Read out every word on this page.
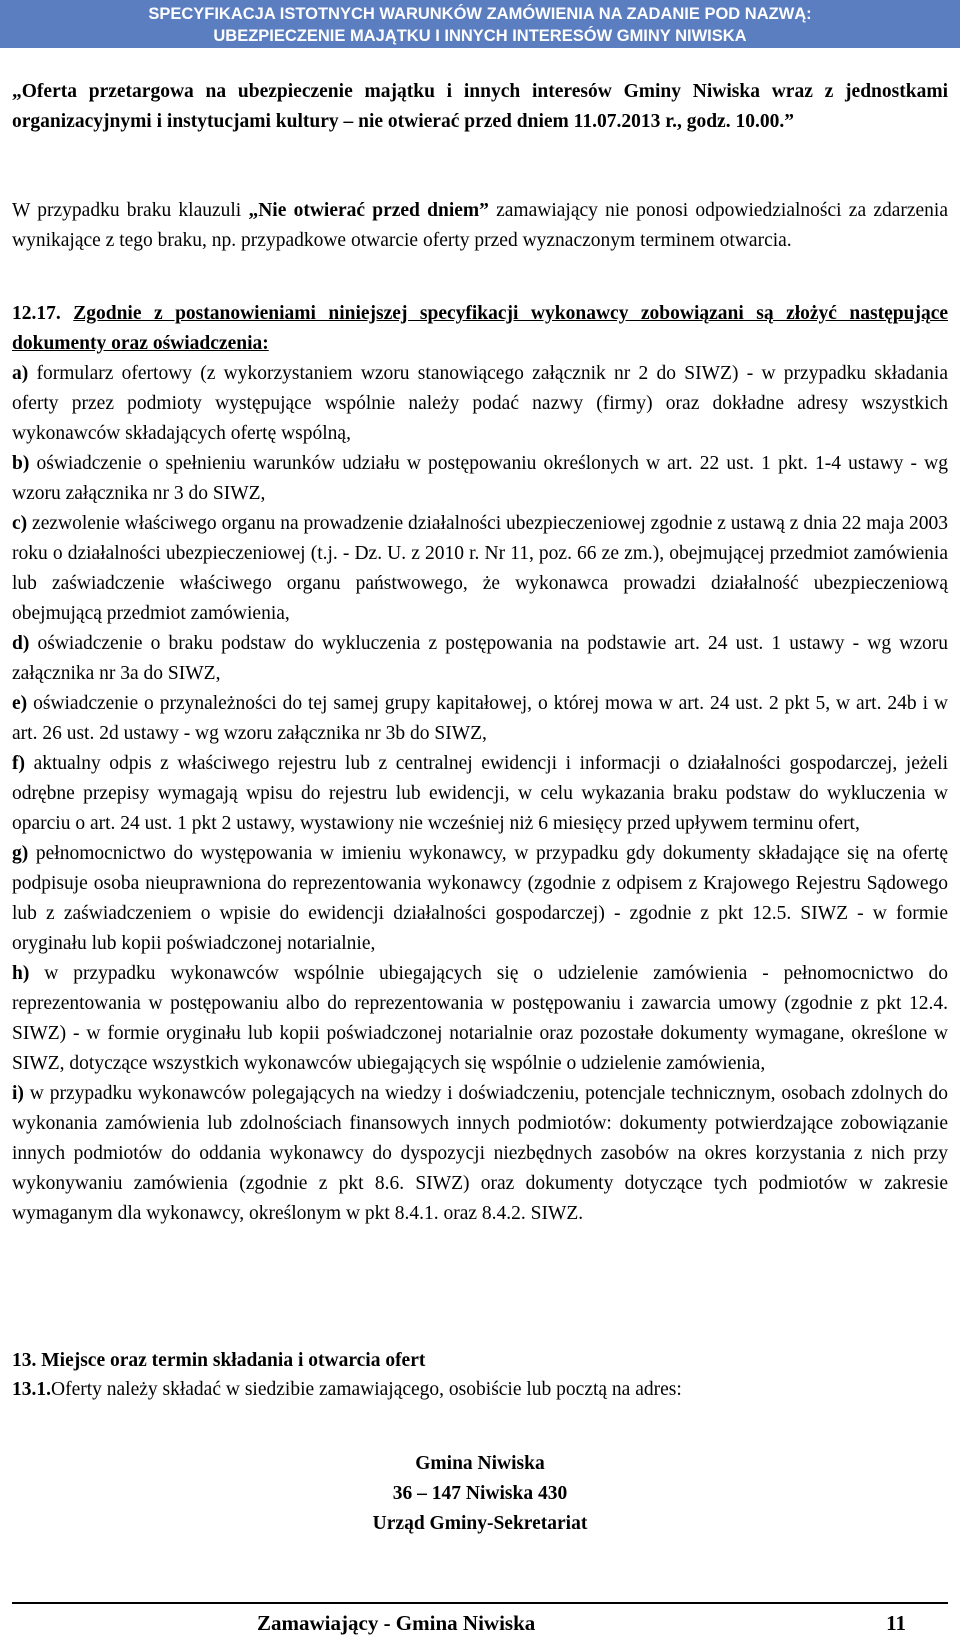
SPECYFIKACJA ISTOTNYCH WARUNKÓW ZAMÓWIENIA NA ZADANIE POD NAZWĄ:
UBEZPIECZENIE MAJĄTKU I INNYCH INTERESÓW GMINY NIWISKA
„Oferta przetargowa na ubezpieczenie majątku i innych interesów Gminy Niwiska wraz z jednostkami organizacyjnymi i instytucjami kultury – nie otwierać przed dniem 11.07.2013 r., godz. 10.00.”
W przypadku braku klauzuli „Nie otwierać przed dniem” zamawiający nie ponosi odpowiedzialności za zdarzenia wynikające z tego braku, np. przypadkowe otwarcie oferty przed wyznaczonym terminem otwarcia.
12.17. Zgodnie z postanowieniami niniejszej specyfikacji wykonawcy zobowiązani są złożyć następujące dokumenty oraz oświadczenia:
a) formularz ofertowy (z wykorzystaniem wzoru stanowiącego załącznik nr 2 do SIWZ) - w przypadku składania oferty przez podmioty występujące wspólnie należy podać nazwy (firmy) oraz dokładne adresy wszystkich wykonawców składających ofertę wspólną,
b) oświadczenie o spełnieniu warunków udziału w postępowaniu określonych w art. 22 ust. 1 pkt. 1-4 ustawy - wg wzoru załącznika nr 3 do SIWZ,
c) zezwolenie właściwego organu na prowadzenie działalności ubezpieczeniowej zgodnie z ustawą z dnia 22 maja 2003 roku o działalności ubezpieczeniowej (t.j. - Dz. U. z 2010 r. Nr 11, poz. 66 ze zm.), obejmującej przedmiot zamówienia lub zaświadczenie właściwego organu państwowego, że wykonawca prowadzi działalność ubezpieczeniową obejmującą przedmiot zamówienia,
d) oświadczenie o braku podstaw do wykluczenia z postępowania na podstawie art. 24 ust. 1 ustawy - wg wzoru załącznika nr 3a do SIWZ,
e) oświadczenie o przynależności do tej samej grupy kapitałowej, o której mowa w art. 24 ust. 2 pkt 5, w art. 24b i w art. 26 ust. 2d ustawy - wg wzoru załącznika nr 3b do SIWZ,
f) aktualny odpis z właściwego rejestru lub z centralnej ewidencji i informacji o działalności gospodarczej, jeżeli odrębne przepisy wymagają wpisu do rejestru lub ewidencji, w celu wykazania braku podstaw do wykluczenia w oparciu o art. 24 ust. 1 pkt 2 ustawy, wystawiony nie wcześniej niż 6 miesięcy przed upływem terminu ofert,
g) pełnomocnictwo do występowania w imieniu wykonawcy, w przypadku gdy dokumenty składające się na ofertę podpisuje osoba nieuprawniona do reprezentowania wykonawcy (zgodnie z odpisem z Krajowego Rejestru Sądowego lub z zaświadczeniem o wpisie do ewidencji działalności gospodarczej) - zgodnie z pkt 12.5. SIWZ - w formie oryginału lub kopii poświadczonej notarialnie,
h) w przypadku wykonawców wspólnie ubiegających się o udzielenie zamówienia - pełnomocnictwo do reprezentowania w postępowaniu albo do reprezentowania w postępowaniu i zawarcia umowy (zgodnie z pkt 12.4. SIWZ) - w formie oryginału lub kopii poświadczonej notarialnie oraz pozostałe dokumenty wymagane, określone w SIWZ, dotyczące wszystkich wykonawców ubiegających się wspólnie o udzielenie zamówienia,
i) w przypadku wykonawców polegających na wiedzy i doświadczeniu, potencjale technicznym, osobach zdolnych do wykonania zamówienia lub zdolnościach finansowych innych podmiotów: dokumenty potwierdzające zobowiązanie innych podmiotów do oddania wykonawcy do dyspozycji niezbędnych zasobów na okres korzystania z nich przy wykonywaniu zamówienia (zgodnie z pkt 8.6. SIWZ) oraz dokumenty dotyczące tych podmiotów w zakresie wymaganym dla wykonawcy, określonym w pkt 8.4.1. oraz 8.4.2. SIWZ.
13. Miejsce oraz termin składania i otwarcia ofert
13.1.Oferty należy składać w siedzibie zamawiającego, osobiście lub pocztą na adres:
Gmina Niwiska
36 – 147 Niwiska 430
Urząd Gminy-Sekretariat
Zamawiający - Gmina Niwiska	11
